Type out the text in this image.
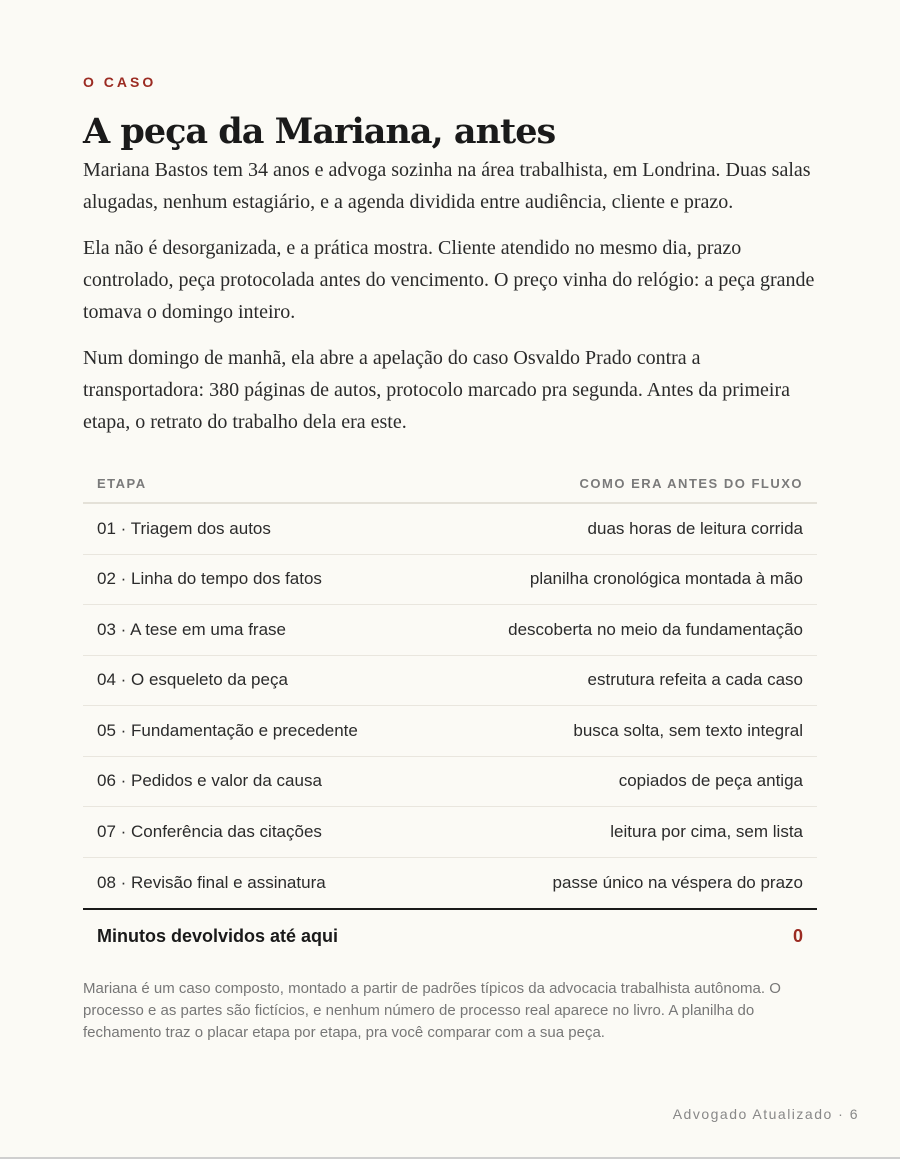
O CASO
A peça da Mariana, antes

Mariana Bastos tem 34 anos e advoga sozinha na área trabalhista, em Londrina. Duas salas alugadas, nenhum estagiário, e a agenda dividida entre audiência, cliente e prazo.

Ela não é desorganizada, e a prática mostra. Cliente atendido no mesmo dia, prazo controlado, peça protocolada antes do vencimento. O preço vinha do relógio: a peça grande tomava o domingo inteiro.

Num domingo de manhã, ela abre a apelação do caso Osvaldo Prado contra a transportadora: 380 páginas de autos, protocolo marcado pra segunda. Antes da primeira etapa, o retrato do trabalho dela era este.

ETAPA	COMO ERA ANTES DO FLUXO
01 · Triagem dos autos	duas horas de leitura corrida
02 · Linha do tempo dos fatos	planilha cronológica montada à mão
03 · A tese em uma frase	descoberta no meio da fundamentação
04 · O esqueleto da peça	estrutura refeita a cada caso
05 · Fundamentação e precedente	busca solta, sem texto integral
06 · Pedidos e valor da causa	copiados de peça antiga
07 · Conferência das citações	leitura por cima, sem lista
08 · Revisão final e assinatura	passe único na véspera do prazo
Minutos devolvidos até aqui	0

Mariana é um caso composto, montado a partir de padrões típicos da advocacia trabalhista autônoma. O processo e as partes são fictícios, e nenhum número de processo real aparece no livro. A planilha do fechamento traz o placar etapa por etapa, pra você comparar com a sua peça.

Advogado Atualizado · 6
